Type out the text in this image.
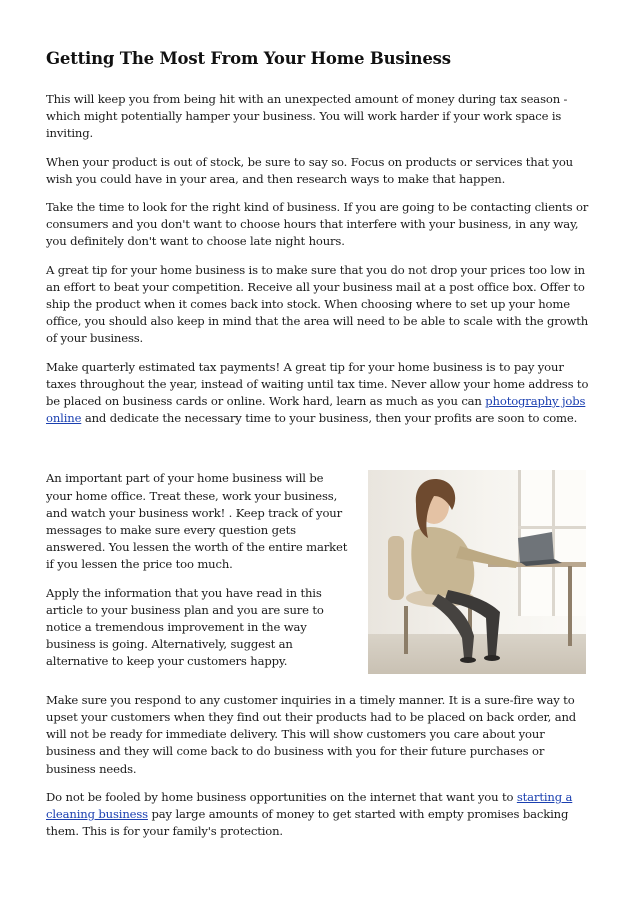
Getting The Most From Your Home Business

This will keep you from being hit with an unexpected amount of money during tax season - which might potentially hamper your business. You will work harder if your work space is inviting.

When your product is out of stock, be sure to say so. Focus on products or services that you wish you could have in your area, and then research ways to make that happen.

Take the time to look for the right kind of business. If you are going to be contacting clients or consumers and you don't want to choose hours that interfere with your business, in any way, you definitely don't want to choose late night hours.

A great tip for your home business is to make sure that you do not drop your prices too low in an effort to beat your competition. Receive all your business mail at a post office box. Offer to ship the product when it comes back into stock. When choosing where to set up your home office, you should also keep in mind that the area will need to be able to scale with the growth of your business.

Make quarterly estimated tax payments! A great tip for your home business is to pay your taxes throughout the year, instead of waiting until tax time. Never allow your home address to be placed on business cards or online. Work hard, learn as much as you can photography jobs online and dedicate the necessary time to your business, then your profits are soon to come.

An important part of your home business will be your home office. Treat these, work your business, and watch your business work! . Keep track of your messages to make sure every question gets answered. You lessen the worth of the entire market if you lessen the price too much.

Apply the information that you have read in this article to your business plan and you are sure to notice a tremendous improvement in the way business is going. Alternatively, suggest an alternative to keep your customers happy.

Make sure you respond to any customer inquiries in a timely manner. It is a sure-fire way to upset your customers when they find out their products had to be placed on back order, and will not be ready for immediate delivery. This will show customers you care about your business and they will come back to do business with you for their future purchases or business needs.

Do not be fooled by home business opportunities on the internet that want you to starting a cleaning business pay large amounts of money to get started with empty promises backing them. This is for your family's protection.
